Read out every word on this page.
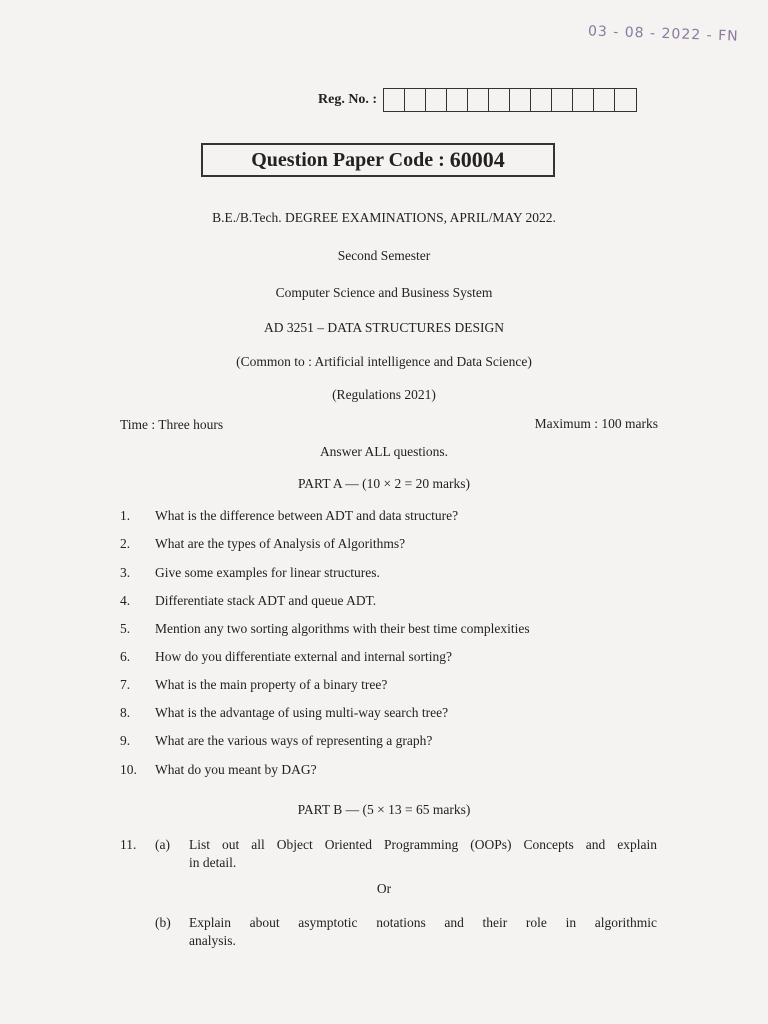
03 - 08 - 2022 - FN
Reg. No. :
Question Paper Code : 60004
B.E./B.Tech. DEGREE EXAMINATIONS, APRIL/MAY 2022.
Second Semester
Computer Science and Business System
AD 3251 – DATA STRUCTURES DESIGN
(Common to : Artificial intelligence and Data Science)
(Regulations 2021)
Time : Three hours	Maximum : 100 marks
Answer ALL questions.
PART A — (10 × 2 = 20 marks)
1.	What is the difference between ADT and data structure?
2.	What are the types of Analysis of Algorithms?
3.	Give some examples for linear structures.
4.	Differentiate stack ADT and queue ADT.
5.	Mention any two sorting algorithms with their best time complexities
6.	How do you differentiate external and internal sorting?
7.	What is the main property of a binary tree?
8.	What is the advantage of using multi-way search tree?
9.	What are the various ways of representing a graph?
10.	What do you meant by DAG?
PART B — (5 × 13 = 65 marks)
11. (a) List out all Object Oriented Programming (OOPs) Concepts and explain
in detail.
Or
(b) Explain about asymptotic notations and their role in algorithmic
analysis.
